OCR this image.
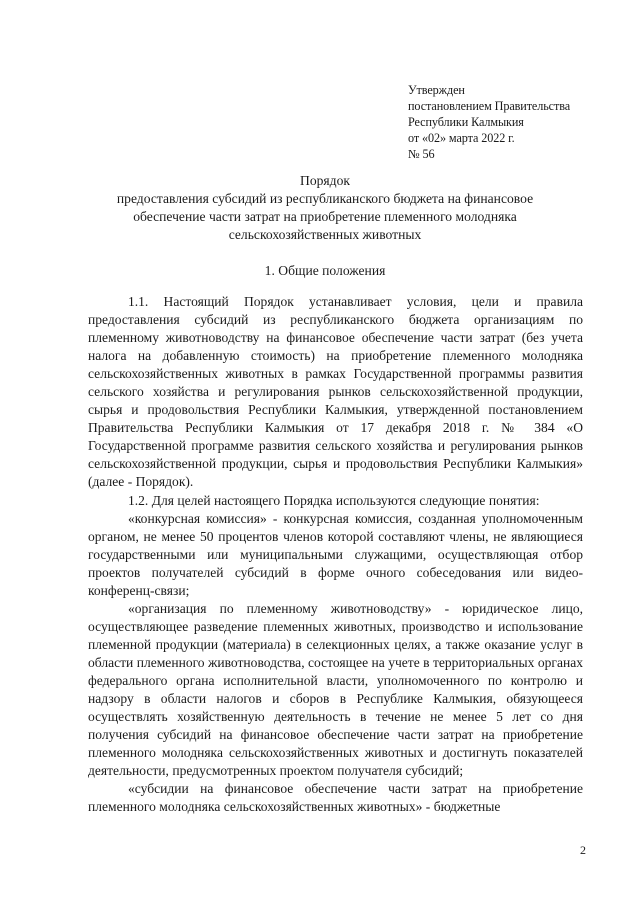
Утвержден
постановлением Правительства
Республики Калмыкия
от «02» марта 2022 г.
№ 56
Порядок
предоставления субсидий из республиканского бюджета на финансовое обеспечение части затрат на приобретение племенного молодняка сельскохозяйственных животных
1. Общие положения

1.1. Настоящий Порядок устанавливает условия, цели и правила предоставления субсидий из республиканского бюджета организациям по племенному животноводству на финансовое обеспечение части затрат (без учета налога на добавленную стоимость) на приобретение племенного молодняка сельскохозяйственных животных в рамках Государственной программы развития сельского хозяйства и регулирования рынков сельскохозяйственной продукции, сырья и продовольствия Республики Калмыкия, утвержденной постановлением Правительства Республики Калмыкия от 17 декабря 2018 г. № 384 «О Государственной программе развития сельского хозяйства и регулирования рынков сельскохозяйственной продукции, сырья и продовольствия Республики Калмыкия» (далее - Порядок).

1.2. Для целей настоящего Порядка используются следующие понятия:

«конкурсная комиссия» - конкурсная комиссия, созданная уполномоченным органом, не менее 50 процентов членов которой составляют члены, не являющиеся государственными или муниципальными служащими, осуществляющая отбор проектов получателей субсидий в форме очного собеседования или видео-конференц-связи;

«организация по племенному животноводству» - юридическое лицо, осуществляющее разведение племенных животных, производство и использование племенной продукции (материала) в селекционных целях, а также оказание услуг в области племенного животноводства, состоящее на учете в территориальных органах федерального органа исполнительной власти, уполномоченного по контролю и надзору в области налогов и сборов в Республике Калмыкия, обязующееся осуществлять хозяйственную деятельность в течение не менее 5 лет со дня получения субсидий на финансовое обеспечение части затрат на приобретение племенного молодняка сельскохозяйственных животных и достигнуть показателей деятельности, предусмотренных проектом получателя субсидий;

«субсидии на финансовое обеспечение части затрат на приобретение племенного молодняка сельскохозяйственных животных» - бюджетные

2
